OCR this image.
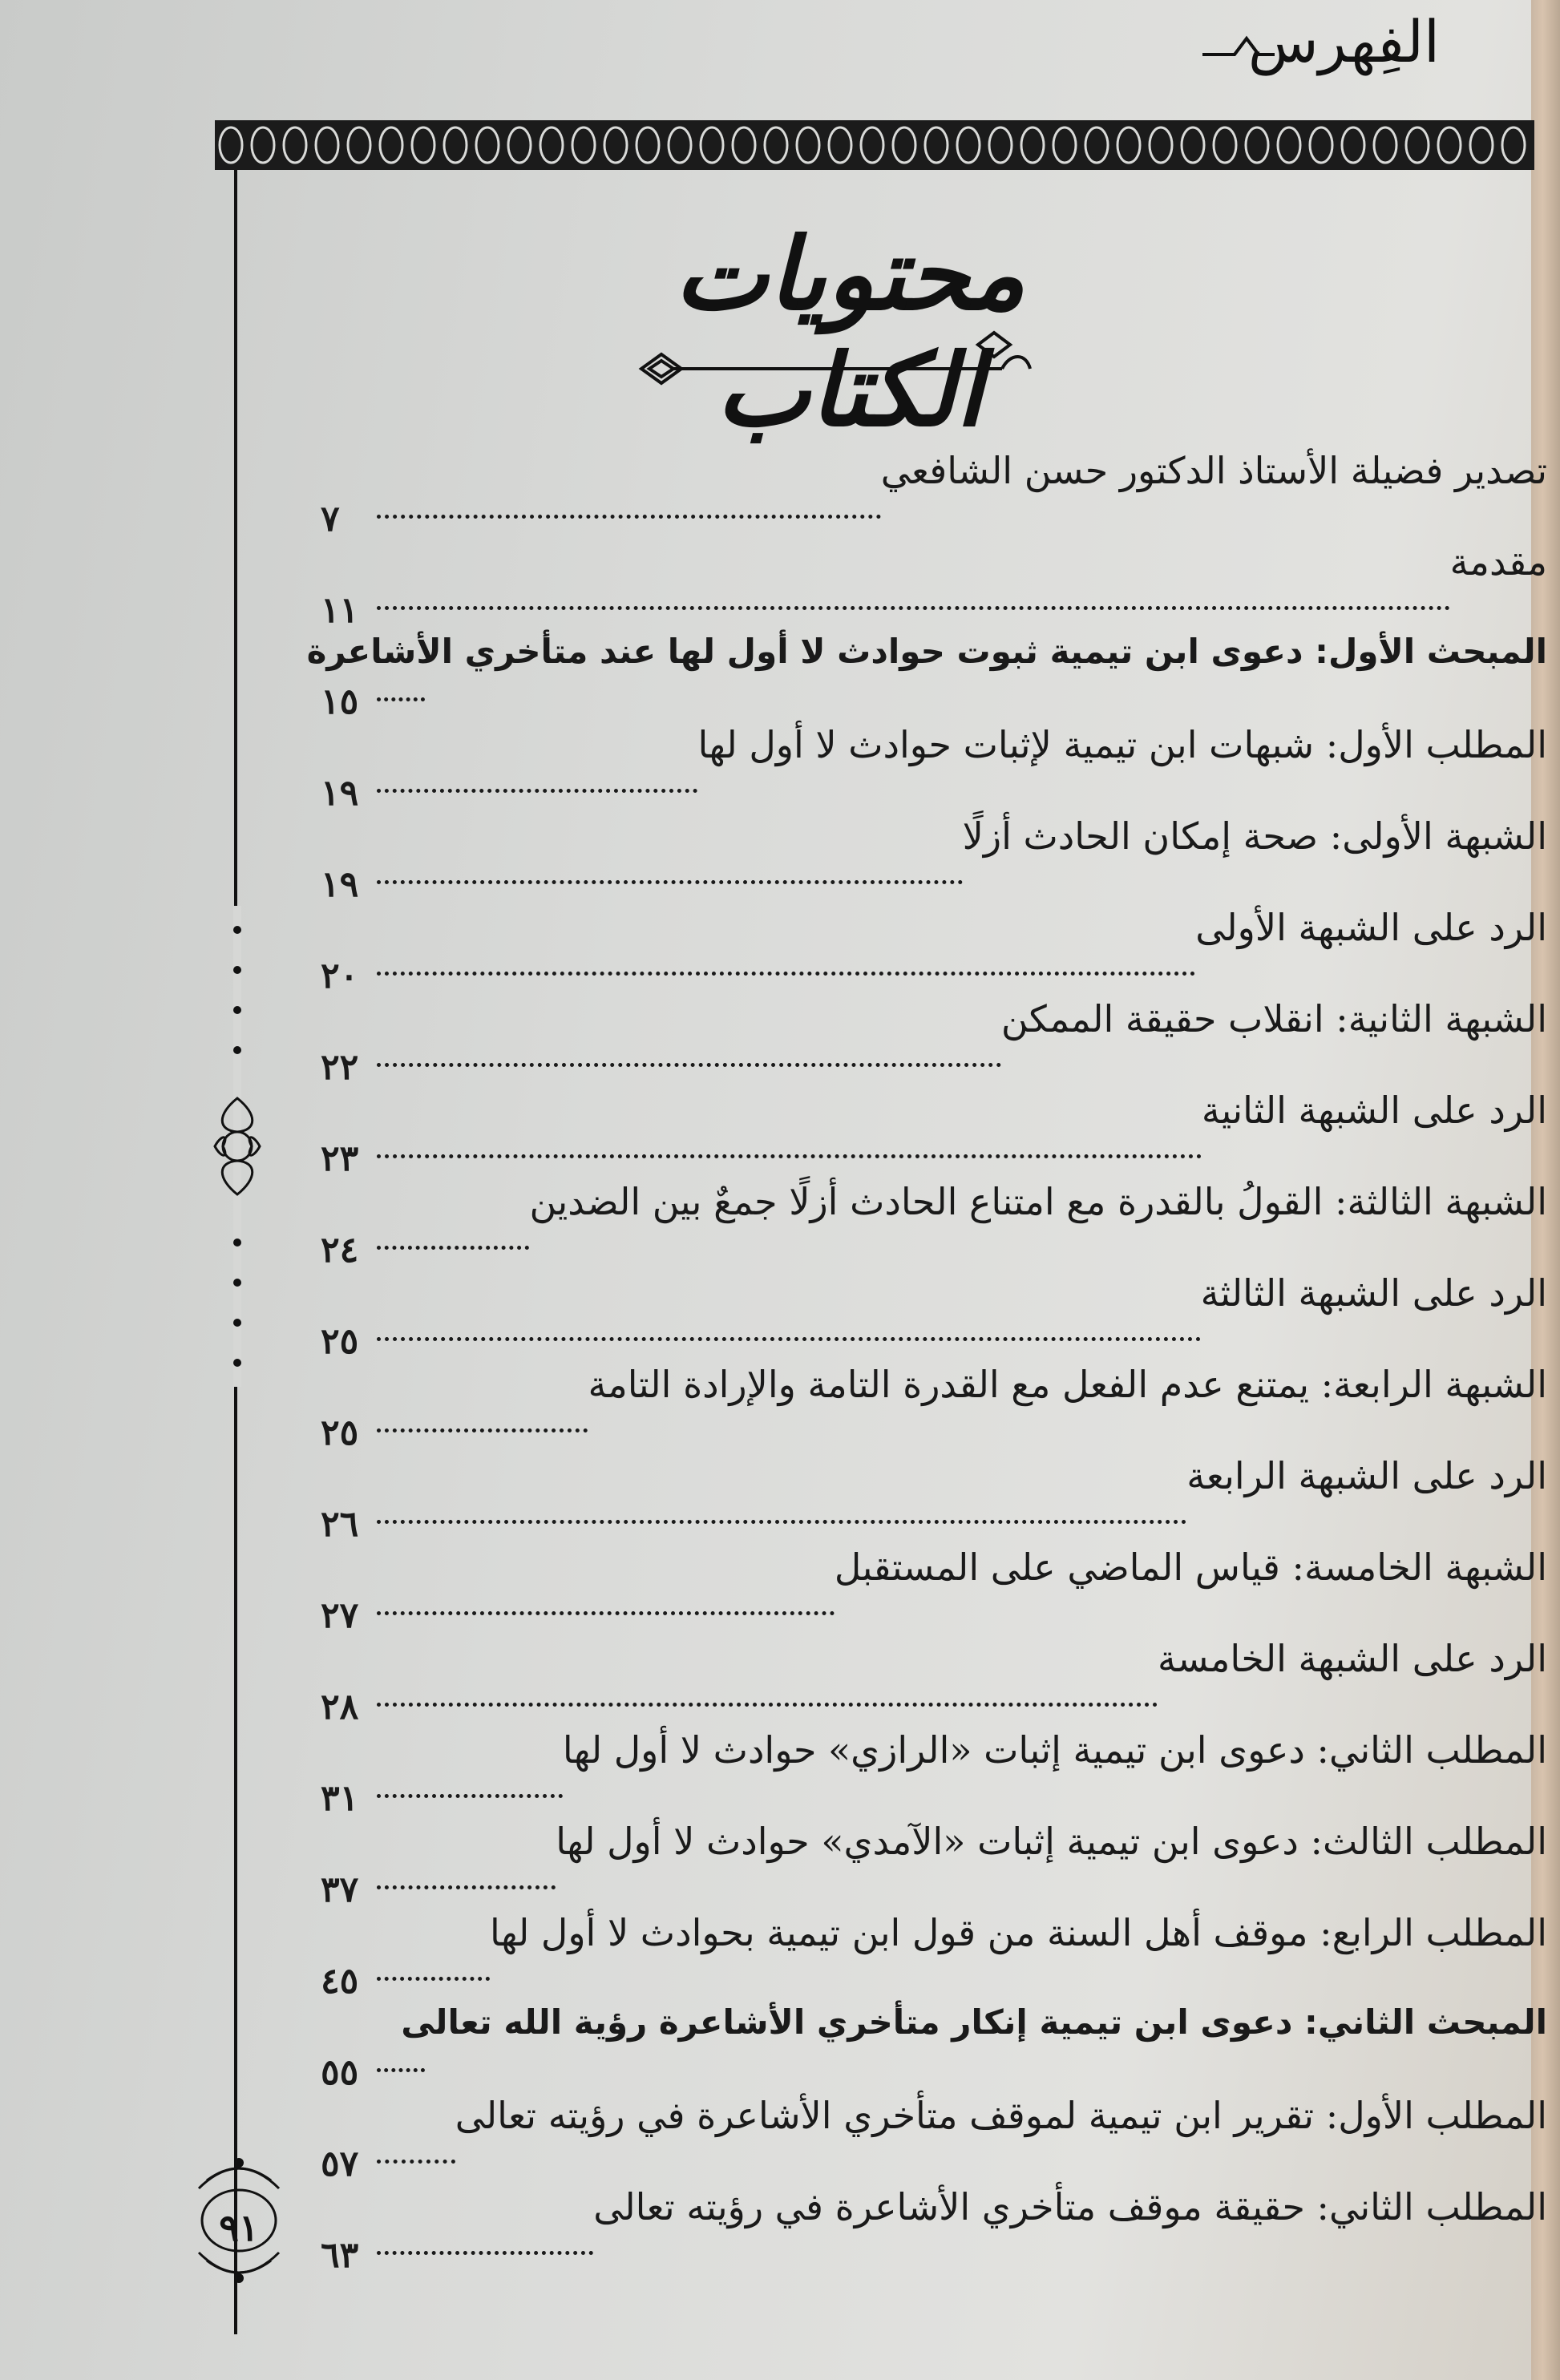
الفِهرس
٩١
محتويات الكتاب
تصدير فضيلة الأستاذ الدكتور حسن الشافعي
٧
مقدمة
١١
المبحث الأول: دعوى ابن تيمية ثبوت حوادث لا أول لها عند متأخري الأشاعرة
١٥
المطلب الأول: شبهات ابن تيمية لإثبات حوادث لا أول لها
١٩
الشبهة الأولى: صحة إمكان الحادث أزلًا
١٩
الرد على الشبهة الأولى
٢٠
الشبهة الثانية: انقلاب حقيقة الممكن
٢٢
الرد على الشبهة الثانية
٢٣
الشبهة الثالثة: القولُ بالقدرة مع امتناع الحادث أزلًا جمعٌ بين الضدين
٢٤
الرد على الشبهة الثالثة
٢٥
الشبهة الرابعة: يمتنع عدم الفعل مع القدرة التامة والإرادة التامة
٢٥
الرد على الشبهة الرابعة
٢٦
الشبهة الخامسة: قياس الماضي على المستقبل
٢٧
الرد على الشبهة الخامسة
٢٨
المطلب الثاني: دعوى ابن تيمية إثبات «الرازي» حوادث لا أول لها
٣١
المطلب الثالث: دعوى ابن تيمية إثبات «الآمدي» حوادث لا أول لها
٣٧
المطلب الرابع: موقف أهل السنة من قول ابن تيمية بحوادث لا أول لها
٤٥
المبحث الثاني: دعوى ابن تيمية إنكار متأخري الأشاعرة رؤية الله تعالى
٥٥
المطلب الأول: تقرير ابن تيمية لموقف متأخري الأشاعرة في رؤيته تعالى
٥٧
المطلب الثاني: حقيقة موقف متأخري الأشاعرة في رؤيته تعالى
٦٣
